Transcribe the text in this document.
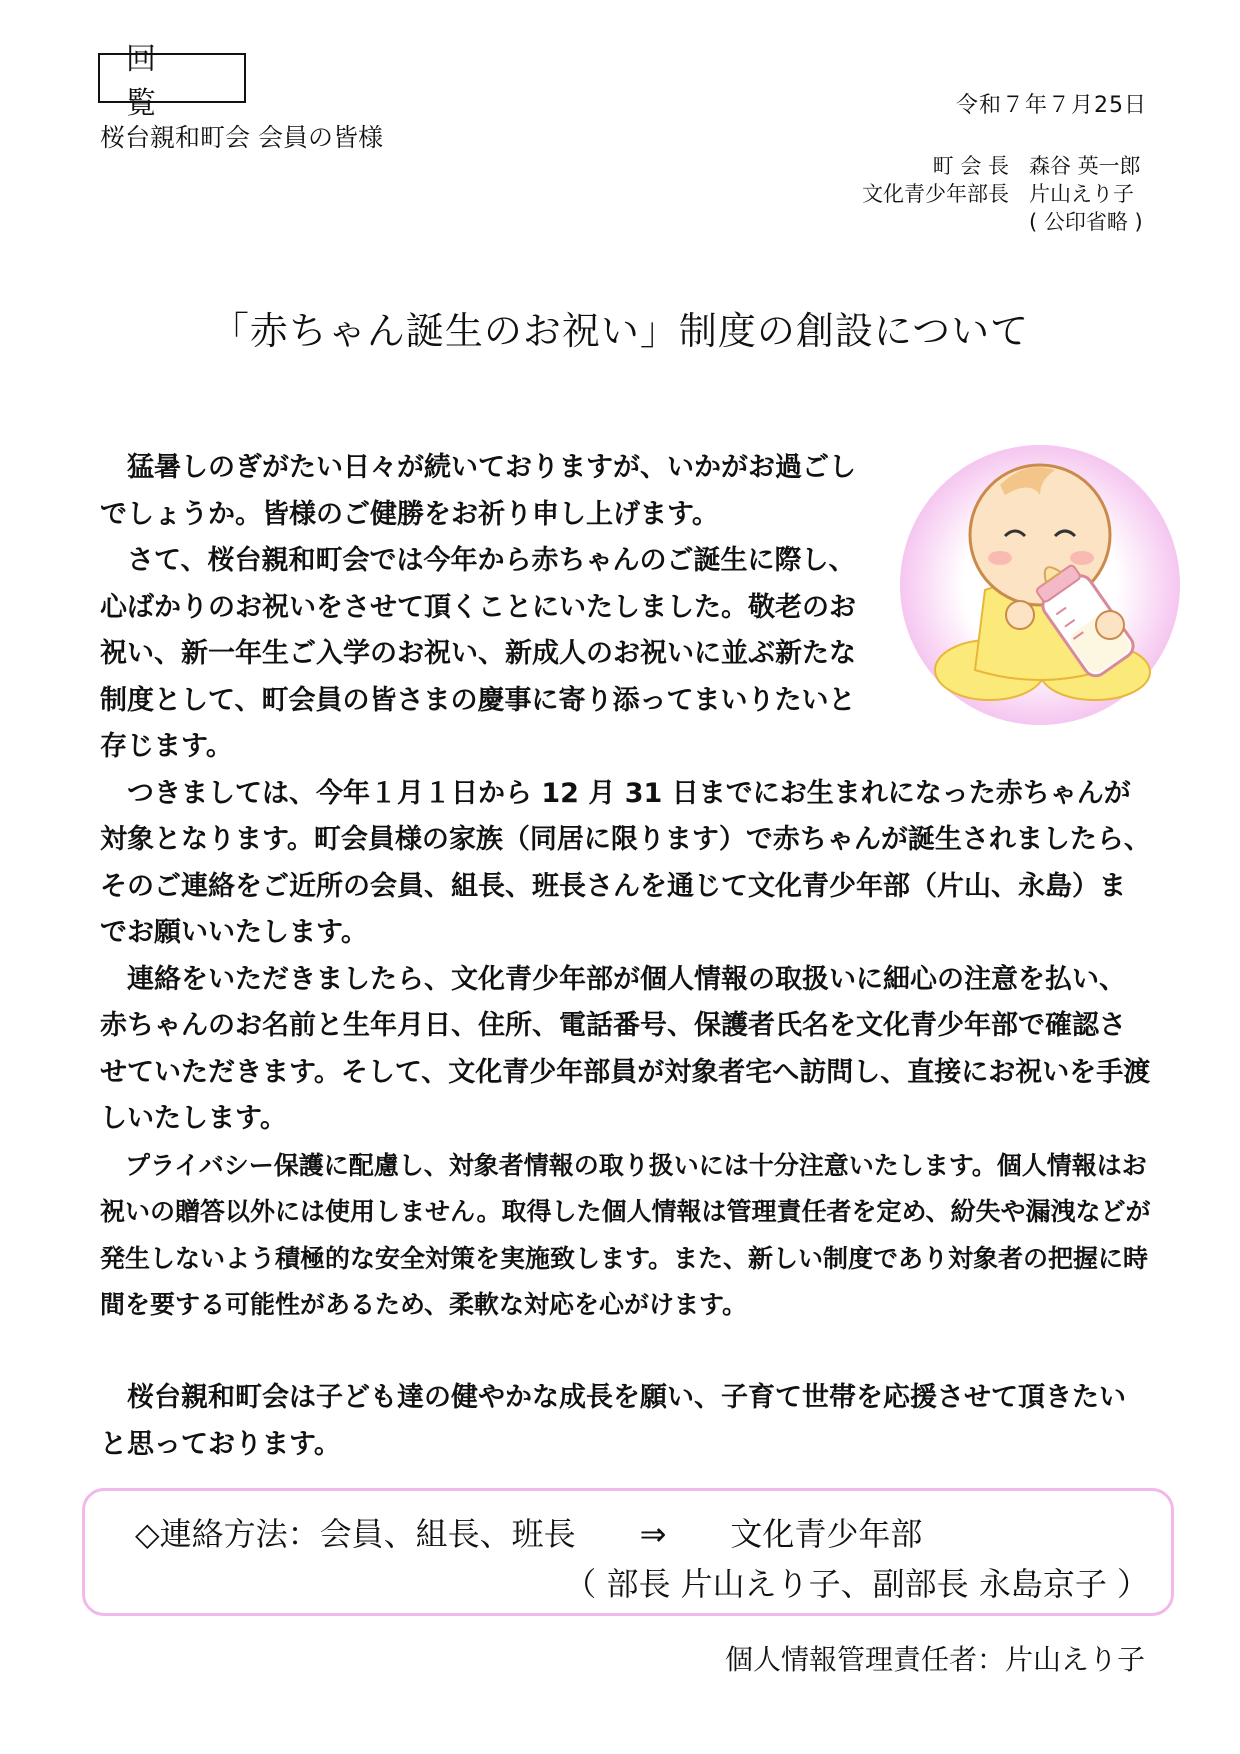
回　覧
桜台親和町会 会員の皆様
令和７年７月25日
町 会 長 森谷 英一郎
文化青少年部長 片山えり子
( 公印省略 )
「赤ちゃん誕生のお祝い」制度の創設について

猛暑しのぎがたい日々が続いておりますが、いかがお過ごしでしょうか。皆様のご健勝をお祈り申し上げます。

さて、桜台親和町会では今年から赤ちゃんのご誕生に際し、心ばかりのお祝いをさせて頂くことにいたしました。敬老のお祝い、新一年生ご入学のお祝い、新成人のお祝いに並ぶ新たな制度として、町会員の皆さまの慶事に寄り添ってまいりたいと存じます。

つきましては、今年１月１日から 12 月 31 日までにお生まれになった赤ちゃんが対象となります。町会員様の家族（同居に限ります）で赤ちゃんが誕生されましたら、そのご連絡をご近所の会員、組長、班長さんを通じて文化青少年部（片山、永島）までお願いいたします。

連絡をいただきましたら、文化青少年部が個人情報の取扱いに細心の注意を払い、赤ちゃんのお名前と生年月日、住所、電話番号、保護者氏名を文化青少年部で確認させていただきます。そして、文化青少年部員が対象者宅へ訪問し、直接にお祝いを手渡しいたします。

プライバシー保護に配慮し、対象者情報の取り扱いには十分注意いたします。個人情報はお祝いの贈答以外には使用しません。取得した個人情報は管理責任者を定め、紛失や漏洩などが発生しないよう積極的な安全対策を実施致します。また、新しい制度であり対象者の把握に時間を要する可能性があるため、柔軟な対応を心がけます。

桜台親和町会は子ども達の健やかな成長を願い、子育て世帯を応援させて頂きたいと思っております。

◇連絡方法：会員、組長、班長　　⇒　　文化青少年部
（ 部長 片山えり子、副部長 永島京子 ）
個人情報管理責任者：片山えり子
